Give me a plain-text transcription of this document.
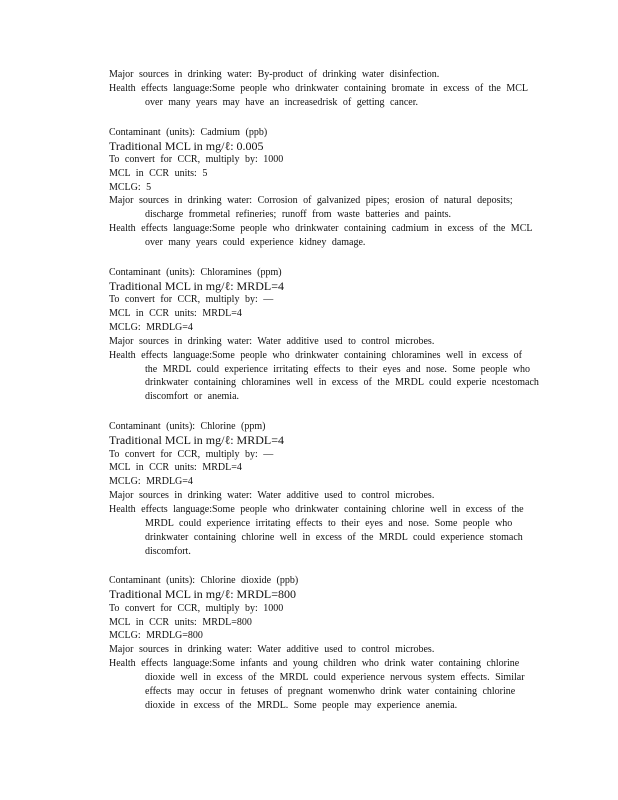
Major sources in drinking water: By-product of drinking water disinfection.
Health effects language:Some people who drinkwater containing bromate in excess of the MCL over many years may have an increasedrisk of getting cancer.
Contaminant (units): Cadmium (ppb)
Traditional MCL in mg/ℓ: 0.005
To convert for CCR, multiply by: 1000
MCL in CCR units: 5
MCLG: 5
Major sources in drinking water: Corrosion of galvanized pipes; erosion of natural deposits; discharge frommetal refineries; runoff from waste batteries and paints.
Health effects language:Some people who drinkwater containing cadmium in excess of the MCL over many years could experience kidney damage.
Contaminant (units): Chloramines (ppm)
Traditional MCL in mg/ℓ: MRDL=4
To convert for CCR, multiply by: —
MCL in CCR units: MRDL=4
MCLG: MRDLG=4
Major sources in drinking water: Water additive used to control microbes.
Health effects language:Some people who drinkwater containing chloramines well in excess of the MRDL could experience irritating effects to their eyes and nose. Some people who drinkwater containing chloramines well in excess of the MRDL could experie ncestomach discomfort or anemia.
Contaminant (units): Chlorine (ppm)
Traditional MCL in mg/ℓ: MRDL=4
To convert for CCR, multiply by: —
MCL in CCR units: MRDL=4
MCLG: MRDLG=4
Major sources in drinking water: Water additive used to control microbes.
Health effects language:Some people who drinkwater containing chlorine well in excess of the MRDL could experience irritating effects to their eyes and nose. Some people who drinkwater containing chlorine well in excess of the MRDL could experience stomach discomfort.
Contaminant (units): Chlorine dioxide (ppb)
Traditional MCL in mg/ℓ: MRDL=800
To convert for CCR, multiply by: 1000
MCL in CCR units: MRDL=800
MCLG: MRDLG=800
Major sources in drinking water: Water additive used to control microbes.
Health effects language:Some infants and young children who drink water containing chlorine dioxide well in excess of the MRDL could experience nervous system effects. Similar effects may occur in fetuses of pregnant womenwho drink water containing chlorine dioxide in excess of the MRDL. Some people may experience anemia.
